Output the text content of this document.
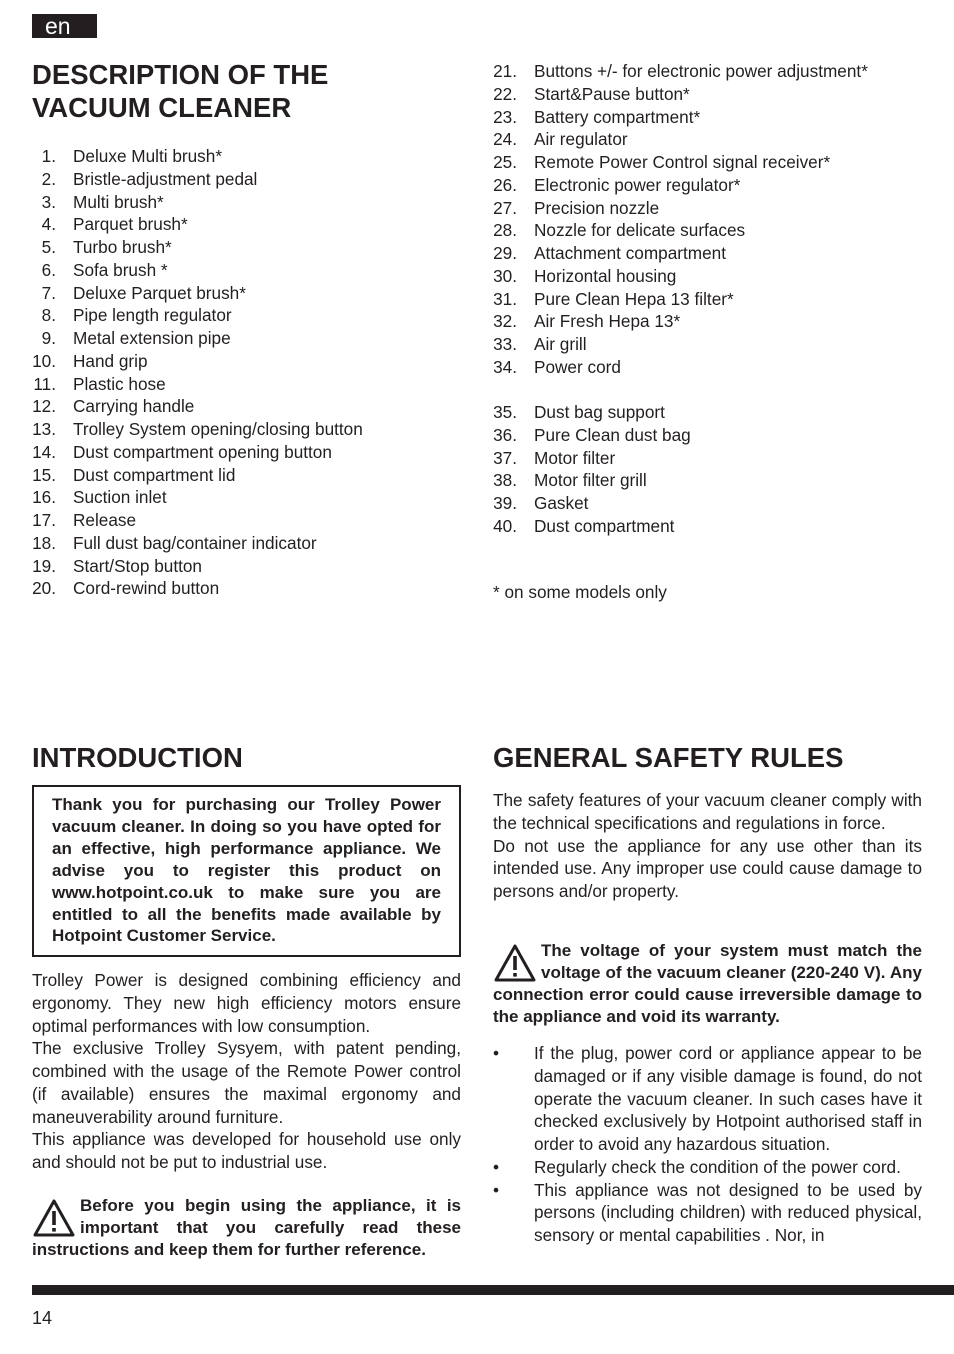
en
DESCRIPTION OF THE
VACUUM CLEANER
1. Deluxe Multi brush*
2. Bristle-adjustment pedal
3. Multi brush*
4. Parquet brush*
5. Turbo brush*
6. Sofa brush *
7. Deluxe Parquet brush*
8. Pipe length regulator
9. Metal extension pipe
10. Hand grip
11. Plastic hose
12. Carrying handle
13. Trolley System opening/closing button
14. Dust compartment opening button
15. Dust compartment lid
16. Suction inlet
17. Release
18. Full dust bag/container indicator
19. Start/Stop button
20. Cord-rewind button
21. Buttons +/- for electronic power adjustment*
22. Start&Pause button*
23. Battery compartment*
24. Air regulator
25. Remote Power Control signal receiver*
26. Electronic power regulator*
27. Precision nozzle
28. Nozzle for delicate surfaces
29. Attachment compartment
30. Horizontal housing
31. Pure Clean Hepa 13 filter*
32. Air Fresh Hepa 13*
33. Air grill
34. Power cord
35. Dust bag support
36. Pure Clean dust bag
37. Motor filter
38. Motor filter grill
39. Gasket
40. Dust compartment
* on some models only
INTRODUCTION
Thank you for purchasing our Trolley Power vacuum cleaner. In doing so you have opted for an effective, high performance appliance. We advise you to register this product on www.hotpoint.co.uk to make sure you are entitled to all the benefits made available by Hotpoint Customer Service.

Trolley Power is designed combining efficiency and ergonomy. They new high efficiency motors ensure optimal performances with low consumption.

The exclusive Trolley Sysyem, with patent pending, combined with the usage of the Remote Power control (if available) ensures the maximal ergonomy and maneuverability around furniture.

This appliance was developed for household use only and should not be put to industrial use.

Before you begin using the appliance, it is important that you carefully read these instructions and keep them for further reference.
GENERAL SAFETY RULES

The safety features of your vacuum cleaner comply with the technical specifications and regulations in force.

Do not use the appliance for any use other than its intended use. Any improper use could cause damage to persons and/or property.

The voltage of your system must match the voltage of the vacuum cleaner (220-240 V). Any connection error could cause irreversible damage to the appliance and void its warranty.
• If the plug, power cord or appliance appear to be damaged or if any visible damage is found, do not operate the vacuum cleaner. In such cases have it checked exclusively by Hotpoint authorised staff in order to avoid any hazardous situation.
• Regularly check the condition of the power cord.
• This appliance was not designed to be used by persons (including children) with reduced physical, sensory or mental capabilities . Nor, in
14
